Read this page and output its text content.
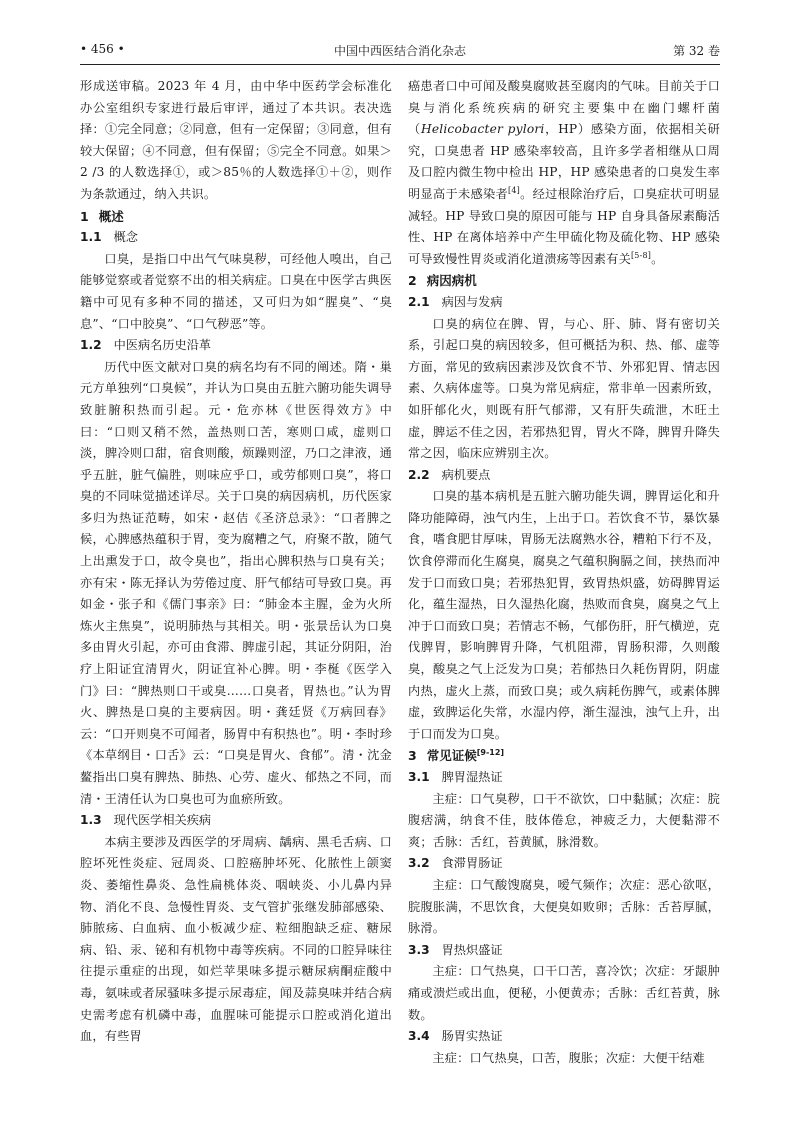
• 456 •	中国中西医结合消化杂志	第 32 卷

形成送审稿。2023 年 4 月，由中华中医药学会标准化办公室组织专家进行最后审评，通过了本共识。表决选择：①完全同意；②同意，但有一定保留；③同意，但有较大保留；④不同意，但有保留；⑤完全不同意。如果＞2 /3 的人数选择①，或＞85％的人数选择①＋②，则作为条款通过，纳入共识。

1 概述
1.1 概念

口臭，是指口中出气气味臭秽，可经他人嗅出，自己能够觉察或者觉察不出的相关病症。口臭在中医学古典医籍中可见有多种不同的描述，又可归为如“腥臭”、“臭息”、“口中胶臭”、“口气秽恶”等。

1.2 中医病名历史沿革

历代中医文献对口臭的病名均有不同的阐述。隋・巢元方单独列“口臭候”，并认为口臭由五脏六腑功能失调导致脏腑积热而引起。元・危亦林《世医得效方》中曰：“口则又稍不然，盖热则口苦，寒则口咸，虚则口淡，脾冷则口甜，宿食则酸，烦躁则涩，乃口之津液，通乎五脏，脏气偏胜，则味应乎口，或劳郁则口臭”，将口臭的不同味觉描述详尽。关于口臭的病因病机，历代医家多归为热证范畴，如宋・赵佶《圣济总录》：“口者脾之候，心脾感热蕴积于胃，变为腐糟之气，府聚不散，随气上出熏发于口，故令臭也”，指出心脾积热与口臭有关；亦有宋・陈无择认为劳倦过度、肝气郁结可导致口臭。再如金・张子和《儒门事亲》曰：“肺金本主腥，金为火所炼火主焦臭”，说明肺热与其相关。明・张景岳认为口臭多由胃火引起，亦可由食滞、脾虚引起，其证分阴阳，治疗上阳证宜清胃火，阴证宜补心脾。明・李梴《医学入门》曰：“脾热则口干或臭……口臭者，胃热也。”认为胃火、脾热是口臭的主要病因。明・龚廷贤《万病回春》云：“口开则臭不可闻者，肠胃中有积热也”。明・李时珍《本草纲目・口舌》云：“口臭是胃火、食郁”。清・沈金鳌指出口臭有脾热、肺热、心劳、虚火、郁热之不同，而清・王清任认为口臭也可为血瘀所致。

1.3 现代医学相关疾病

本病主要涉及西医学的牙周病、龋病、黑毛舌病、口腔坏死性炎症、冠周炎、口腔癌肿坏死、化脓性上颌窦炎、萎缩性鼻炎、急性扁桃体炎、咽峡炎、小儿鼻内异物、消化不良、急慢性胃炎、支气管扩张继发肺部感染、肺脓疡、白血病、血小板减少症、粒细胞缺乏症、糖尿病、铅、汞、铋和有机物中毒等疾病。不同的口腔异味往往提示重症的出现，如烂苹果味多提示糖尿病酮症酸中毒，氨味或者尿骚味多提示尿毒症，闻及蒜臭味并结合病史需考虑有机磷中毒，血腥味可能提示口腔或消化道出血，有些胃

癌患者口中可闻及酸臭腐败甚至腐肉的气味。目前关于口臭与消化系统疾病的研究主要集中在幽门螺杆菌（Helicobacter pylori，HP）感染方面，依据相关研究，口臭患者 HP 感染率较高，且许多学者相继从口周及口腔内微生物中检出 HP，HP 感染患者的口臭发生率明显高于未感染者[4]。经过根除治疗后，口臭症状可明显减轻。HP 导致口臭的原因可能与 HP 自身具备尿素酶活性、HP 在离体培养中产生甲硫化物及硫化物、HP 感染可导致慢性胃炎或消化道溃疡等因素有关[5-8]。

2 病因病机
2.1 病因与发病

口臭的病位在脾、胃，与心、肝、肺、肾有密切关系，引起口臭的病因较多，但可概括为积、热、郁、虚等方面，常见的致病因素涉及饮食不节、外邪犯胃、情志因素、久病体虚等。口臭为常见病症，常非单一因素所致，如肝郁化火，则既有肝气郁滞，又有肝失疏泄，木旺土虚，脾运不佳之因，若邪热犯胃，胃火不降，脾胃升降失常之因，临床应辨别主次。

2.2 病机要点

口臭的基本病机是五脏六腑功能失调，脾胃运化和升降功能障碍，浊气内生，上出于口。若饮食不节，暴饮暴食，嗜食肥甘厚味，胃肠无法腐熟水谷，糟粕下行不及，饮食停滞而化生腐臭，腐臭之气蕴积胸膈之间，挟热而冲发于口而致口臭；若邪热犯胃，致胃热炽盛，妨碍脾胃运化，蕴生湿热，日久湿热化腐，热败而食臭，腐臭之气上冲于口而致口臭；若情志不畅，气郁伤肝，肝气横逆，克伐脾胃，影响脾胃升降，气机阻滞，胃肠积滞，久则酸臭，酸臭之气上泛发为口臭；若郁热日久耗伤胃阴，阴虚内热，虚火上蒸，而致口臭；或久病耗伤脾气，或素体脾虚，致脾运化失常，水湿内停，渐生湿浊，浊气上升，出于口而发为口臭。

3 常见证候[9-12]
3.1 脾胃湿热证

主症：口气臭秽，口干不欲饮，口中黏腻；次症：脘腹痞满，纳食不佳，肢体倦怠，神疲乏力，大便黏滞不爽；舌脉：舌红，苔黄腻，脉滑数。

3.2 食滞胃肠证

主症：口气酸馊腐臭，嗳气频作；次症：恶心欲呕，脘腹胀满，不思饮食，大便臭如败卵；舌脉：舌苔厚腻，脉滑。

3.3 胃热炽盛证

主症：口气热臭，口干口苦，喜冷饮；次症：牙龈肿痛或溃烂或出血，便秘，小便黄赤；舌脉：舌红苔黄，脉数。

3.4 肠胃实热证

主症：口气热臭，口苦，腹胀；次症：大便干结难
